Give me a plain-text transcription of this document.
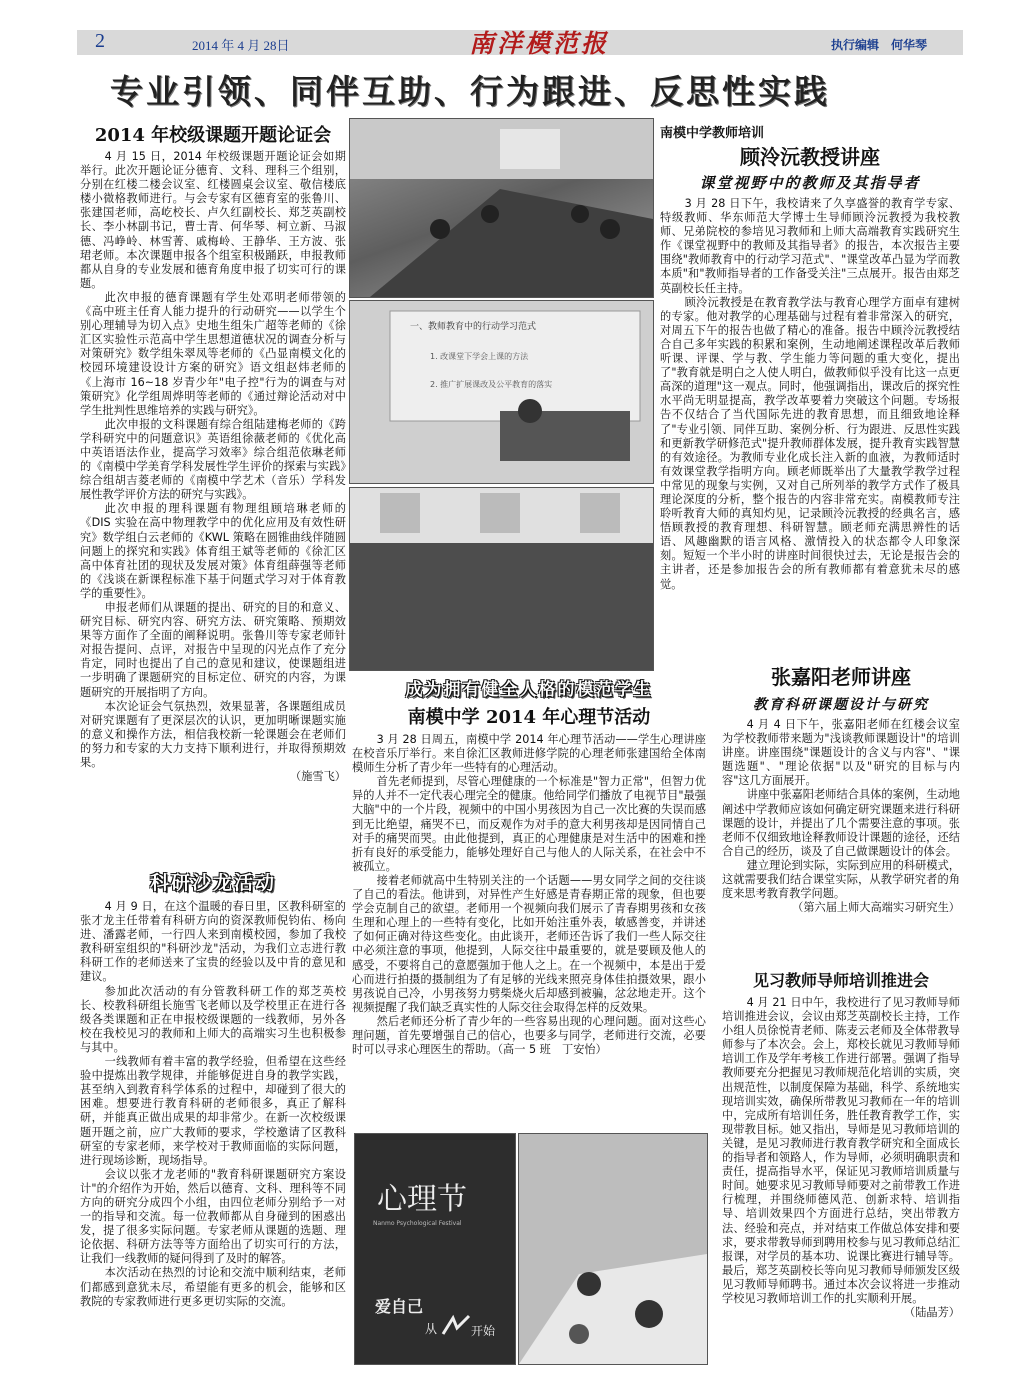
2	2014 年 4 月 28日	南洋模范报	执行编辑　何华琴
专业引领、同伴互助、行为跟进、反思性实践
2014 年校级课题开题论证会

4 月 15 日，2014 年校级课题开题论证会如期举行。此次开题论证分德育、文科、理科三个组别，分别在红楼二楼会议室、红楼圆桌会议室、敬信楼底楼小微格教师进行。与会专家有区德育室的张鲁川、张建国老师，高屹校长、卢久红副校长、郑芝英副校长、李小林副书记，曹士青、何华琴、柯立新、马淑德、冯峥岭、林雪菁、戚梅岭、王静华、王方波、张珺老师。本次课题申报各个组室积极踊跃，申报教师都从自身的专业发展和德育角度申报了切实可行的课题。

此次申报的德育课题有学生处邓明老师带领的《高中班主任育人能力提升的行动研究——以学生个别心理辅导为切入点》史地生组朱广超等老师的《徐汇区实验性示范高中学生思想道德状况的调查分析与对策研究》数学组朱翠凤等老师的《凸显南模文化的校园环境建设设计方案的研究》语文组赵炜老师的《上海市 16~18 岁青少年"电子控"行为的调查与对策研究》化学组周烨明等老师的《通过辩论活动对中学生批判性思维培养的实践与研究》。

此次申报的文科课题有综合组陆建梅老师的《跨学科研究中的问题意识》英语组徐薇老师的《优化高中英语语法作业，提高学习效率》综合组范依琳老师的《南模中学美育学科发展性学生评价的探索与实践》综合组胡吉菱老师的《南模中学艺术（音乐）学科发展性教学评价方法的研究与实践》。

此次申报的理科课题有物理组顾培琳老师的《DIS 实验在高中物理教学中的优化应用及有效性研究》数学组白云老师的《KWL 策略在圆锥曲线伴随圆问题上的探究和实践》体育组王斌等老师的《徐汇区高中体育社团的现状及发展对策》体育组薛强等老师的《浅谈在新课程标准下基于问题式学习对于体育教学的重要性》。

申报老师们从课题的提出、研究的目的和意义、研究目标、研究内容、研究方法、研究策略、预期效果等方面作了全面的阐释说明。张鲁川等专家老师针对报告提问、点评，对报告中呈现的闪光点作了充分肯定，同时也提出了自己的意见和建议，使课题组进一步明确了课题研究的目标定位、研究的内容，为课题研究的开展指明了方向。

本次论证会气氛热烈，效果显著，各课题组成员对研究课题有了更深层次的认识，更加明晰课题实施的意义和操作方法，相信我校新一轮课题会在老师们的努力和专家的大力支持下顺利进行，并取得预期效果。

（施雪飞）
科研沙龙活动

4 月 9 日，在这个温暖的春日里，区教科研室的张才龙主任带着有科研方向的资深教师倪钧佑、杨向进、潘露老师，一行四人来到南模校园，参加了我校教科研室组织的"科研沙龙"活动，为我们立志进行教科研工作的老师送来了宝贵的经验以及中肯的意见和建议。

参加此次活动的有分管教科研工作的郑芝英校长、校教科研组长施雪飞老师以及学校里正在进行各级各类课题和正在申报校级课题的一线教师，另外各校在我校见习的教师和上师大的高端实习生也积极参与其中。

一线教师有着丰富的教学经验，但希望在这些经验中提炼出教学规律，并能够促进自身的教学实践，甚至纳入到教育科学体系的过程中，却碰到了很大的困难。想要进行教育科研的老师很多，真正了解科研，并能真正做出成果的却非常少。在新一次校级课题开题之前，应广大教师的要求，学校邀请了区教科研室的专家老师，来学校对于教师面临的实际问题，进行现场诊断，现场指导。

会议以张才龙老师的"教育科研课题研究方案设计"的介绍作为开始，然后以德育、文科、理科等不同方向的研究分成四个小组，由四位老师分别给予一对一的指导和交流。每一位教师都从自身碰到的困惑出发，提了很多实际问题。专家老师从课题的选题、理论依据、科研方法等等方面给出了切实可行的方法，让我们一线教师的疑问得到了及时的解答。

本次活动在热烈的讨论和交流中顺利结束，老师们都感到意犹未尽，希望能有更多的机会，能够和区教院的专家教师进行更多更切实际的交流。

一、教师教育中的行动学习范式
1. 改课堂下学会上课的方法
2. 推广扩展课改及公平教育的落实
成为拥有健全人格的模范学生
南模中学 2014 年心理节活动

3 月 28 日周五，南模中学 2014 年心理节活动——学生心理讲座在校音乐厅举行。来自徐汇区教师进修学院的心理老师张建国给全体南模师生分析了青少年一些特有的心理活动。

首先老师提到，尽管心理健康的一个标准是"智力正常"，但智力优异的人并不一定代表心理完全的健康。他给同学们播放了电视节目"最强大脑"中的一个片段，视频中的中国小男孩因为自己一次比赛的失误而感到无比绝望，痛哭不已，而反观作为对手的意大利男孩却是因同情自己对手的痛哭而哭。由此他提到，真正的心理健康是对生活中的困难和挫折有良好的承受能力，能够处理好自己与他人的人际关系，在社会中不被孤立。

接着老师就高中生特别关注的一个话题——男女同学之间的交往谈了自己的看法。他讲到，对异性产生好感是青春期正常的现象，但也要学会克制自己的欲望。老师用一个视频向我们展示了青春期男孩和女孩生理和心理上的一些特有变化，比如开始注重外表，敏感善变，并讲述了如何正确对待这些变化。由此谈开，老师还告诉了我们一些人际交往中必须注意的事项，他提到，人际交往中最重要的，就是要顾及他人的感受，不要将自己的意愿强加于他人之上。在一个视频中，本是出于爱心而进行拍摄的摄制组为了有足够的光线来照亮身体佳拍摄效果，跟小男孩说自己冷，小男孩努力劈柴烧火后却感到被骗，忿忿地走开。这个视频提醒了我们缺乏真实性的人际交往会取得怎样的反效果。

然后老师还分析了青少年的一些容易出现的心理问题。面对这些心理问题，首先要增强自己的信心，也要多与同学，老师进行交流，必要时可以寻求心理医生的帮助。（高一 5 班　丁安怡）

心理节
Nanmo Psychological Festival
爱自己
从	开始
南模中学教师培训
顾泠沅教授讲座
课堂视野中的教师及其指导者

3 月 28 日下午，我校请来了久享盛誉的教育学专家、特级教师、华东师范大学博士生导师顾泠沅教授为我校教师、兄弟院校的参培见习教师和上师大高端教育实践研究生作《课堂视野中的教师及其指导者》的报告，本次报告主要围绕"教师教育中的行动学习范式"、"课堂改革凸显为学而教本质"和"教师指导者的工作备受关注"三点展开。报告由郑芝英副校长任主持。

顾泠沅教授是在教育教学法与教育心理学方面卓有建树的专家。他对教学的心理基础与过程有着非常深入的研究，对周五下午的报告也做了精心的准备。报告中顾泠沅教授结合自己多年实践的积累和案例，生动地阐述课程改革后教师听课、评课、学与教、学生能力等问题的重大变化，提出了"教育就是明白之人使人明白，做教师似乎没有比这一点更高深的道理"这一观点。同时，他强调指出，课改后的探究性水平尚无明显提高，教学改革要着力突破这个问题。专场报告不仅结合了当代国际先进的教育思想，而且细致地诠释了"专业引领、同伴互助、案例分析、行为跟进、反思性实践和更新教学研修范式"提升教师群体发展，提升教育实践智慧的有效途径。为教师专业化成长注入新的血液，为教师适时有效课堂教学指明方向。顾老师既举出了大量教学教学过程中常见的现象与实例，又对自己所列举的教学方式作了极具理论深度的分析，整个报告的内容非常充实。南模教师专注聆听教育大师的真知灼见，记录顾泠沅教授的经典名言，感悟顾教授的教育理想、科研智慧。顾老师充满思辨性的话语、风趣幽默的语言风格、激情投入的状态都令人印象深刻。短短一个半小时的讲座时间很快过去，无论是报告会的主讲者，还是参加报告会的所有教师都有着意犹未尽的感觉。

张嘉阳老师讲座
教育科研课题设计与研究

4 月 4 日下午，张嘉阳老师在红楼会议室为学校教师带来题为"浅谈教师课题设计"的培训讲座。讲座围绕"课题设计的含义与内容"、"课题选题"、"理论依据"以及"研究的目标与内容"这几方面展开。

讲座中张嘉阳老师结合具体的案例，生动地阐述中学教师应该如何确定研究课题来进行科研课题的设计，并提出了几个需要注意的事项。张老师不仅细致地诠释教师设计课题的途径，还结合自己的经历，谈及了自己做课题设计的体会。

建立理论到实际，实际到应用的科研模式，这就需要我们结合课堂实际，从教学研究者的角度来思考教育教学问题。

（第六届上师大高端实习研究生）
见习教师导师培训推进会

4 月 21 日中午，我校进行了见习教师导师培训推进会议，会议由郑芝英副校长主持，工作小组人员徐悦青老师、陈麦云老师及全体带教导师参与了本次会。会上，郑校长就见习教师导师培训工作及学年考核工作进行部署。强调了指导教师要充分把握见习教师规范化培训的实质，突出规范性，以制度保障为基础，科学、系统地实现培训实效，确保所带教见习教师在一年的培训中，完成所有培训任务，胜任教育教学工作，实现带教目标。她又指出，导师是见习教师培训的关键，是见习教师进行教育教学研究和全面成长的指导者和领路人，作为导师，必须明确职责和责任，提高指导水平，保证见习教师培训质量与时间。她要求见习教师导师要对之前带教工作进行梳理，并围绕师德风范、创新求特、培训指导、培训效果四个方面进行总结，突出带教方法、经验和亮点，并对结束工作做总体安排和要求，要求带教导师到聘用校参与见习教师总结汇报课，对学员的基本功、说课比赛进行辅导等。最后，郑芝英副校长等向见习教师导师颁发区级见习教师导师聘书。通过本次会议将进一步推动学校见习教师培训工作的扎实顺利开展。

（陆晶芳）
